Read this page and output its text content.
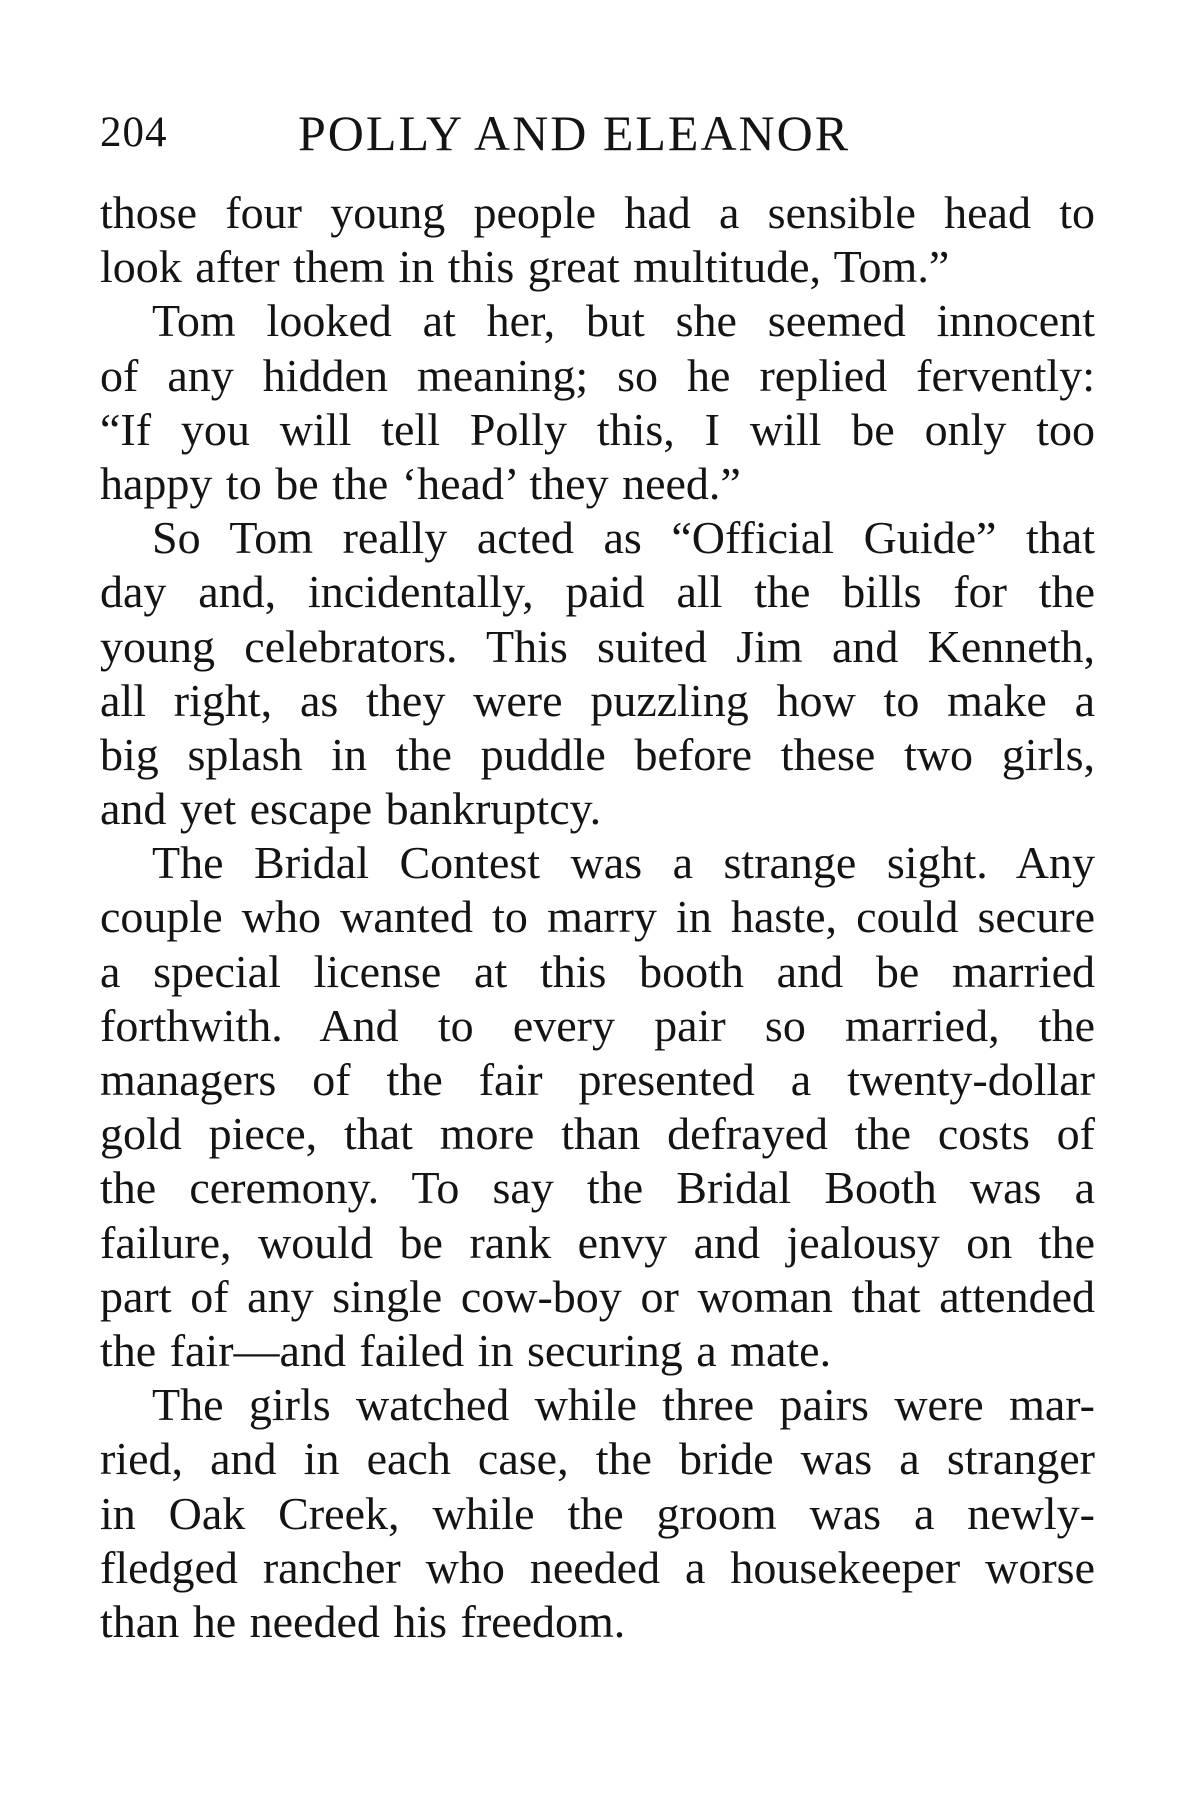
204	POLLY AND ELEANOR
those four young people had a sensible head to
look after them in this great multitude, Tom.”
Tom looked at her, but she seemed innocent
of any hidden meaning; so he replied fervently:
“If you will tell Polly this, I will be only too
happy to be the ‘head’ they need.”
So Tom really acted as “Official Guide” that
day and, incidentally, paid all the bills for the
young celebrators. This suited Jim and Kenneth,
all right, as they were puzzling how to make a
big splash in the puddle before these two girls,
and yet escape bankruptcy.
The Bridal Contest was a strange sight. Any
couple who wanted to marry in haste, could secure
a special license at this booth and be married
forthwith. And to every pair so married, the
managers of the fair presented a twenty-dollar
gold piece, that more than defrayed the costs of
the ceremony. To say the Bridal Booth was a
failure, would be rank envy and jealousy on the
part of any single cow-boy or woman that attended
the fair—and failed in securing a mate.
The girls watched while three pairs were mar-
ried, and in each case, the bride was a stranger
in Oak Creek, while the groom was a newly-
fledged rancher who needed a housekeeper worse
than he needed his freedom.
